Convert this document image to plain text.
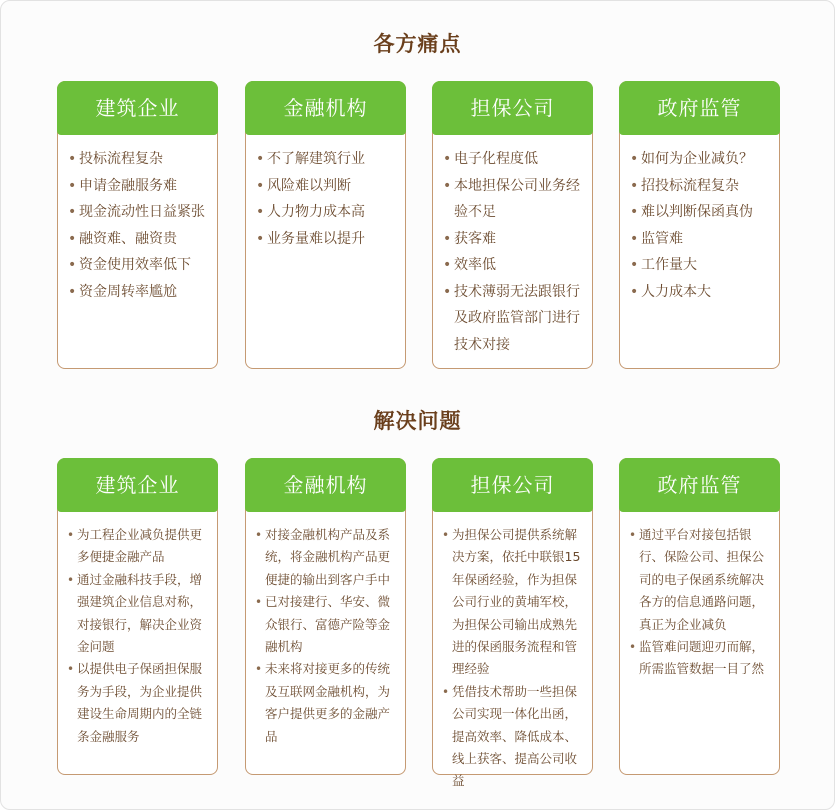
各方痛点
建筑企业
• 投标流程复杂
• 申请金融服务难
• 现金流动性日益紧张
• 融资难、融资贵
• 资金使用效率低下
• 资金周转率尴尬
金融机构
• 不了解建筑行业
• 风险难以判断
• 人力物力成本高
• 业务量难以提升
担保公司
• 电子化程度低
• 本地担保公司业务经验不足
• 获客难
• 效率低
• 技术薄弱无法跟银行及政府监管部门进行技术对接
政府监管
• 如何为企业减负？
• 招投标流程复杂
• 难以判断保函真伪
• 监管难
• 工作量大
• 人力成本大
解决问题
建筑企业
• 为工程企业减负提供更多便捷金融产品
• 通过金融科技手段，增强建筑企业信息对称，对接银行，解决企业资金问题
• 以提供电子保函担保服务为手段，为企业提供建设生命周期内的全链条金融服务
金融机构
• 对接金融机构产品及系统，将金融机构产品更便捷的输出到客户手中
• 已对接建行、华安、微众银行、富德产险等金融机构
• 未来将对接更多的传统及互联网金融机构，为客户提供更多的金融产品
担保公司
• 为担保公司提供系统解决方案，依托中联银15年保函经验，作为担保公司行业的黄埔军校，为担保公司输出成熟先进的保函服务流程和管理经验
• 凭借技术帮助一些担保公司实现一体化出函，提高效率、降低成本、线上获客、提高公司收益
政府监管
• 通过平台对接包括银行、保险公司、担保公司的电子保函系统解决各方的信息通路问题，真正为企业减负
• 监管难问题迎刃而解，所需监管数据一目了然
